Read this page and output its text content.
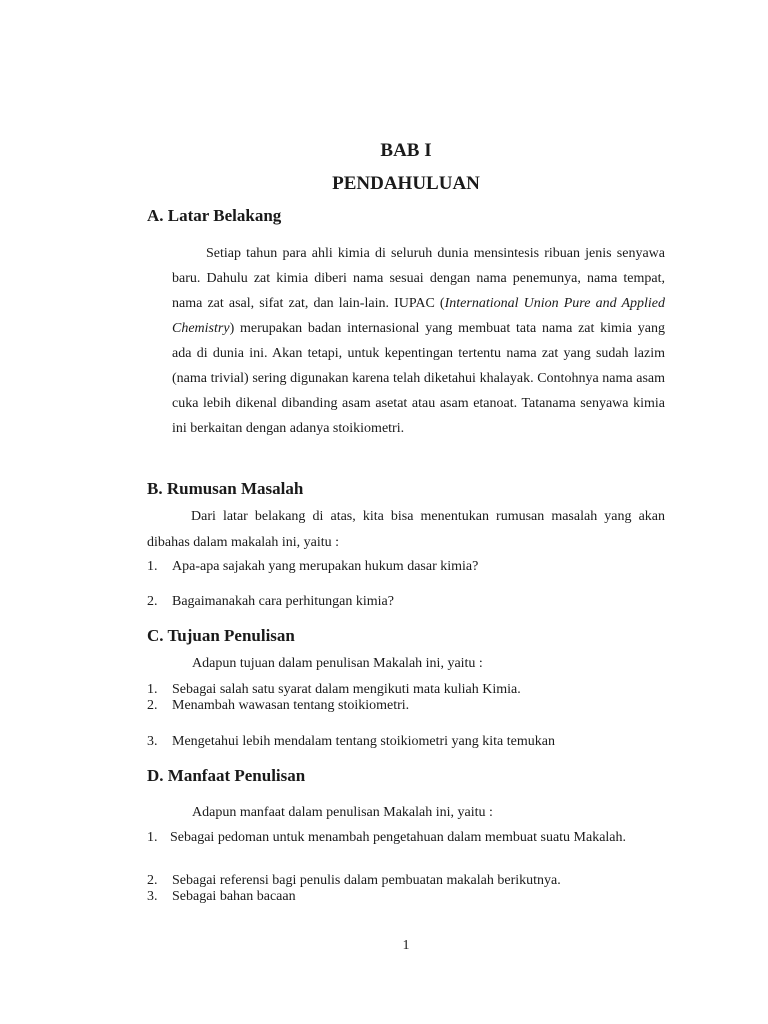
BAB I
PENDAHULUAN
A. Latar Belakang
Setiap tahun para ahli kimia di seluruh dunia mensintesis ribuan jenis senyawa baru. Dahulu zat kimia diberi nama sesuai dengan nama penemunya, nama tempat, nama zat asal, sifat zat, dan lain-lain. IUPAC (International Union Pure and Applied Chemistry) merupakan badan internasional yang membuat tata nama zat kimia yang ada di dunia ini. Akan tetapi, untuk kepentingan tertentu nama zat yang sudah lazim (nama trivial) sering digunakan karena telah diketahui khalayak. Contohnya nama asam cuka lebih dikenal dibanding asam asetat atau asam etanoat. Tatanama senyawa kimia ini berkaitan dengan adanya stoikiometri.
B. Rumusan Masalah
Dari latar belakang di atas, kita bisa menentukan rumusan masalah yang akan dibahas dalam makalah ini, yaitu :
1. Apa-apa sajakah yang merupakan hukum dasar kimia?
2. Bagaimanakah cara perhitungan kimia?
C. Tujuan Penulisan
Adapun tujuan dalam penulisan Makalah ini, yaitu :
1. Sebagai salah satu syarat dalam mengikuti mata kuliah Kimia.
2. Menambah wawasan tentang stoikiometri.
3. Mengetahui lebih mendalam tentang stoikiometri yang kita temukan
D. Manfaat Penulisan
Adapun manfaat dalam penulisan Makalah ini, yaitu :
1. Sebagai pedoman untuk menambah pengetahuan dalam membuat suatu Makalah.
2. Sebagai referensi bagi penulis dalam pembuatan makalah berikutnya.
3. Sebagai bahan bacaan
1
